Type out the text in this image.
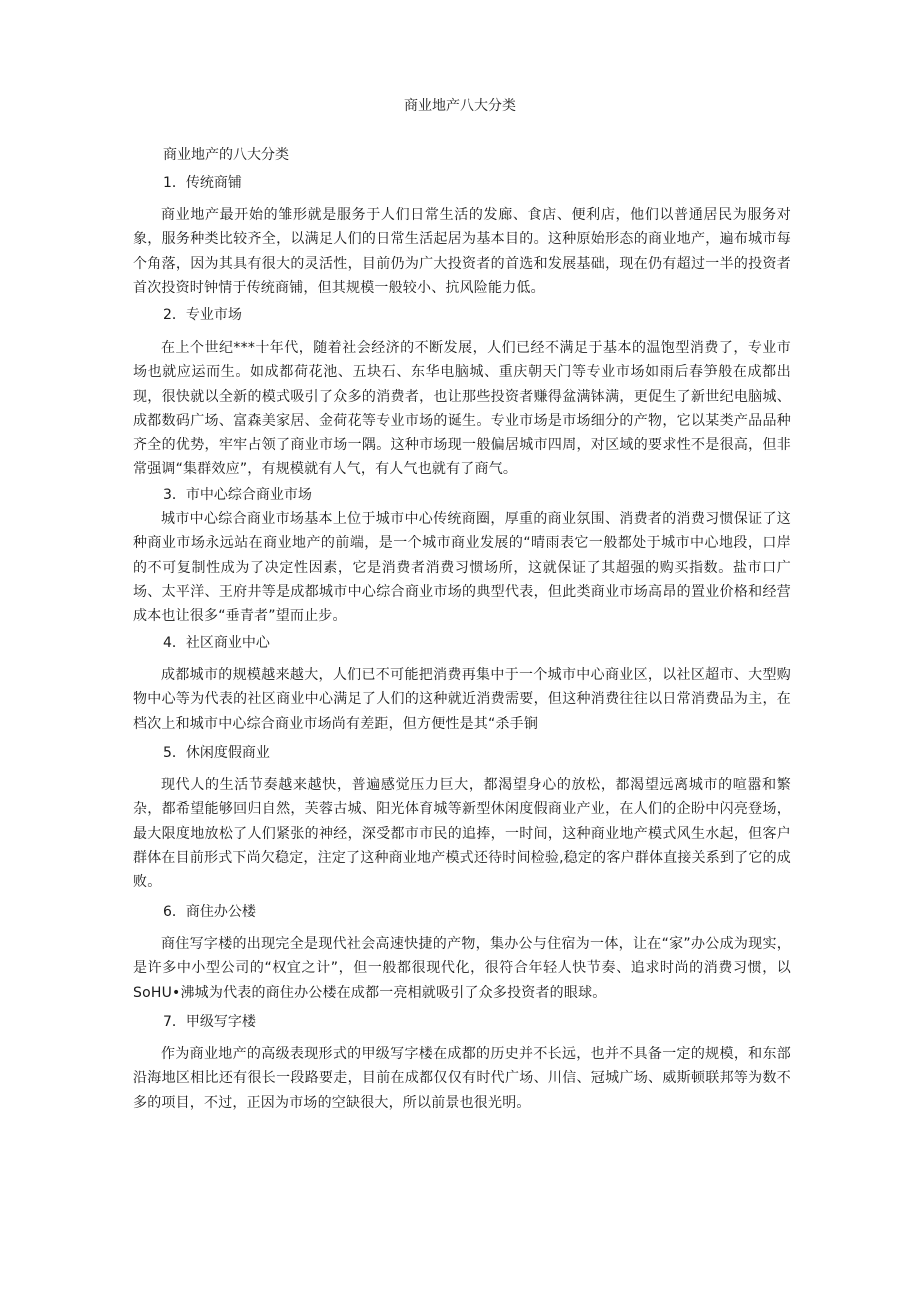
商业地产八大分类
商业地产的八大分类
1．传统商铺
商业地产最开始的雏形就是服务于人们日常生活的发廊、食店、便利店，他们以普通居民为服务对象，服务种类比较齐全，以满足人们的日常生活起居为基本目的。这种原始形态的商业地产，遍布城市每个角落，因为其具有很大的灵活性，目前仍为广大投资者的首选和发展基础，现在仍有超过一半的投资者首次投资时钟情于传统商铺，但其规模一般较小、抗风险能力低。
2．专业市场
在上个世纪***十年代，随着社会经济的不断发展，人们已经不满足于基本的温饱型消费了，专业市场也就应运而生。如成都荷花池、五块石、东华电脑城、重庆朝天门等专业市场如雨后春笋般在成都出现，很快就以全新的模式吸引了众多的消费者，也让那些投资者赚得盆满钵满，更促生了新世纪电脑城、成都数码广场、富森美家居、金荷花等专业市场的诞生。专业市场是市场细分的产物，它以某类产品品种齐全的优势，牢牢占领了商业市场一隅。这种市场现一般偏居城市四周，对区域的要求性不是很高，但非常强调“集群效应”，有规模就有人气，有人气也就有了商气。
3．市中心综合商业市场
城市中心综合商业市场基本上位于城市中心传统商圈，厚重的商业氛围、消费者的消费习惯保证了这种商业市场永远站在商业地产的前端，是一个城市商业发展的“晴雨表它一般都处于城市中心地段，口岸的不可复制性成为了决定性因素，它是消费者消费习惯场所，这就保证了其超强的购买指数。盐市口广场、太平洋、王府井等是成都城市中心综合商业市场的典型代表，但此类商业市场高昂的置业价格和经营成本也让很多“垂青者”望而止步。
4．社区商业中心
成都城市的规模越来越大，人们已不可能把消费再集中于一个城市中心商业区，以社区超市、大型购物中心等为代表的社区商业中心满足了人们的这种就近消费需要，但这种消费往往以日常消费品为主，在档次上和城市中心综合商业市场尚有差距，但方便性是其“杀手锏
5．休闲度假商业
现代人的生活节奏越来越快，普遍感觉压力巨大，都渴望身心的放松，都渴望远离城市的喧嚣和繁杂，都希望能够回归自然，芙蓉古城、阳光体育城等新型休闲度假商业产业，在人们的企盼中闪亮登场，最大限度地放松了人们紧张的神经，深受都市市民的追捧，一时间，这种商业地产模式风生水起，但客户群体在目前形式下尚欠稳定，注定了这种商业地产模式还待时间检验,稳定的客户群体直接关系到了它的成败。
6．商住办公楼
商住写字楼的出现完全是现代社会高速快捷的产物，集办公与住宿为一体，让在“家”办公成为现实，是许多中小型公司的“权宜之计”，但一般都很现代化，很符合年轻人快节奏、追求时尚的消费习惯，以SoHU•沸城为代表的商住办公楼在成都一亮相就吸引了众多投资者的眼球。
7．甲级写字楼
作为商业地产的高级表现形式的甲级写字楼在成都的历史并不长远，也并不具备一定的规模，和东部沿海地区相比还有很长一段路要走，目前在成都仅仅有时代广场、川信、冠城广场、威斯顿联邦等为数不多的项目，不过，正因为市场的空缺很大，所以前景也很光明。
